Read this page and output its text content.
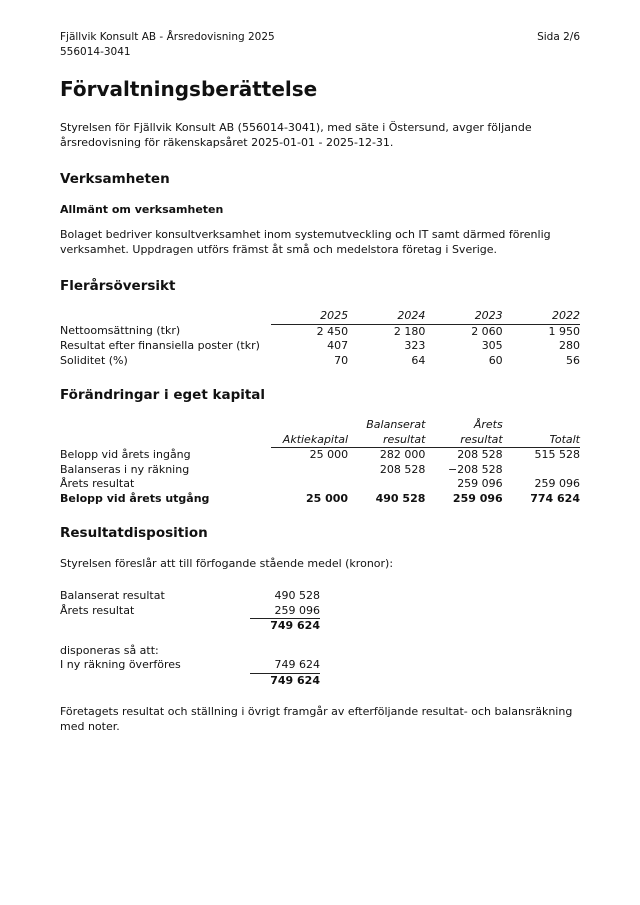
Fjällvik Konsult AB - Årsredovisning 2025
556014-3041
Sida 2/6
Förvaltningsberättelse

Styrelsen för Fjällvik Konsult AB (556014-3041), med säte i Östersund, avger följande årsredovisning för räkenskapsåret 2025-01-01 - 2025-12-31.

Verksamheten
Allmänt om verksamheten

Bolaget bedriver konsultverksamhet inom systemutveckling och IT samt därmed förenlig verksamhet. Uppdragen utförs främst åt små och medelstora företag i Sverige.

Flerårsöversikt
	2025	2024	2023	2022
Nettoomsättning (tkr)	2 450	2 180	2 060	1 950
Resultat efter finansiella poster (tkr)	407	323	305	280
Soliditet (%)	70	64	60	56
Förändringar i eget kapital
		Balanserat	Årets	
	Aktiekapital	resultat	resultat	Totalt
Belopp vid årets ingång	25 000	282 000	208 528	515 528
Balanseras i ny räkning		208 528	−208 528	
Årets resultat			259 096	259 096
Belopp vid årets utgång	25 000	490 528	259 096	774 624
Resultatdisposition

Styrelsen föreslår att till förfogande stående medel (kronor):

Balanserat resultat	490 528
Årets resultat	259 096
	749 624

disponeras så att:	
I ny räkning överföres	749 624
	749 624

Företagets resultat och ställning i övrigt framgår av efterföljande resultat- och balansräkning med noter.
